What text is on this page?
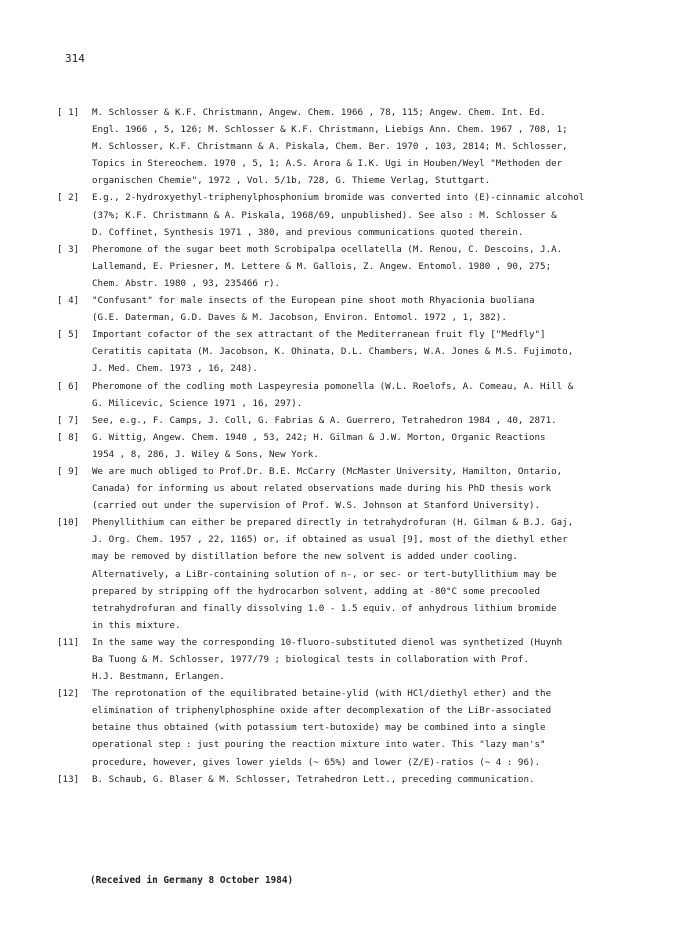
314
[ 1]	M. Schlosser & K.F. Christmann, Angew. Chem. 1966 , 78, 115; Angew. Chem. Int. Ed.
Engl. 1966 , 5, 126; M. Schlosser & K.F. Christmann, Liebigs Ann. Chem. 1967 , 708, 1;
M. Schlosser, K.F. Christmann & A. Piskala, Chem. Ber. 1970 , 103, 2814; M. Schlosser,
Topics in Stereochem. 1970 , 5, 1; A.S. Arora & I.K. Ugi in Houben/Weyl "Methoden der
organischen Chemie", 1972 , Vol. 5/1b, 728, G. Thieme Verlag, Stuttgart.
[ 2]	E.g., 2-hydroxyethyl-triphenylphosphonium bromide was converted into (E)-cinnamic alcohol
(37%; K.F. Christmann & A. Piskala, 1968/69, unpublished). See also : M. Schlosser &
D. Coffinet, Synthesis 1971 , 380, and previous communications quoted therein.
[ 3]	Pheromone of the sugar beet moth Scrobipalpa ocellatella (M. Renou, C. Descoins, J.A.
Lallemand, E. Priesner, M. Lettere & M. Gallois, Z. Angew. Entomol. 1980 , 90, 275;
Chem. Abstr. 1980 , 93, 235466 r).
[ 4]	"Confusant" for male insects of the European pine shoot moth Rhyacionia buoliana
(G.E. Daterman, G.D. Daves & M. Jacobson, Environ. Entomol. 1972 , 1, 382).
[ 5]	Important cofactor of the sex attractant of the Mediterranean fruit fly ["Medfly"]
Ceratitis capitata (M. Jacobson, K. Ohinata, D.L. Chambers, W.A. Jones & M.S. Fujimoto,
J. Med. Chem. 1973 , 16, 248).
[ 6]	Pheromone of the codling moth Laspeyresia pomonella (W.L. Roelofs, A. Comeau, A. Hill &
G. Milicevic, Science 1971 , 16, 297).
[ 7]	See, e.g., F. Camps, J. Coll, G. Fabrias & A. Guerrero, Tetrahedron 1984 , 40, 2871.
[ 8]	G. Wittig, Angew. Chem. 1940 , 53, 242; H. Gilman & J.W. Morton, Organic Reactions
1954 , 8, 286, J. Wiley & Sons, New York.
[ 9]	We are much obliged to Prof.Dr. B.E. McCarry (McMaster University, Hamilton, Ontario,
Canada) for informing us about related observations made during his PhD thesis work
(carried out under the supervision of Prof. W.S. Johnson at Stanford University).
[10]	Phenyllithium can either be prepared directly in tetrahydrofuran (H. Gilman & B.J. Gaj,
J. Org. Chem. 1957 , 22, 1165) or, if obtained as usual [9], most of the diethyl ether
may be removed by distillation before the new solvent is added under cooling.
Alternatively, a LiBr-containing solution of n-, or sec- or tert-butyllithium may be
prepared by stripping off the hydrocarbon solvent, adding at -80°C some precooled
tetrahydrofuran and finally dissolving 1.0 - 1.5 equiv. of anhydrous lithium bromide
in this mixture.
[11]	In the same way the corresponding 10-fluoro-substituted dienol was synthetized (Huynh
Ba Tuong & M. Schlosser, 1977/79 ; biological tests in collaboration with Prof.
H.J. Bestmann, Erlangen.
[12]	The reprotonation of the equilibrated betaine-ylid (with HCl/diethyl ether) and the
elimination of triphenylphosphine oxide after decomplexation of the LiBr-associated
betaine thus obtained (with potassium tert-butoxide) may be combined into a single
operational step : just pouring the reaction mixture into water. This "lazy man's"
procedure, however, gives lower yields (~ 65%) and lower (Z/E)-ratios (~ 4 : 96).
[13]	B. Schaub, G. Blaser & M. Schlosser, Tetrahedron Lett., preceding communication.
(Received in Germany 8 October 1984)
